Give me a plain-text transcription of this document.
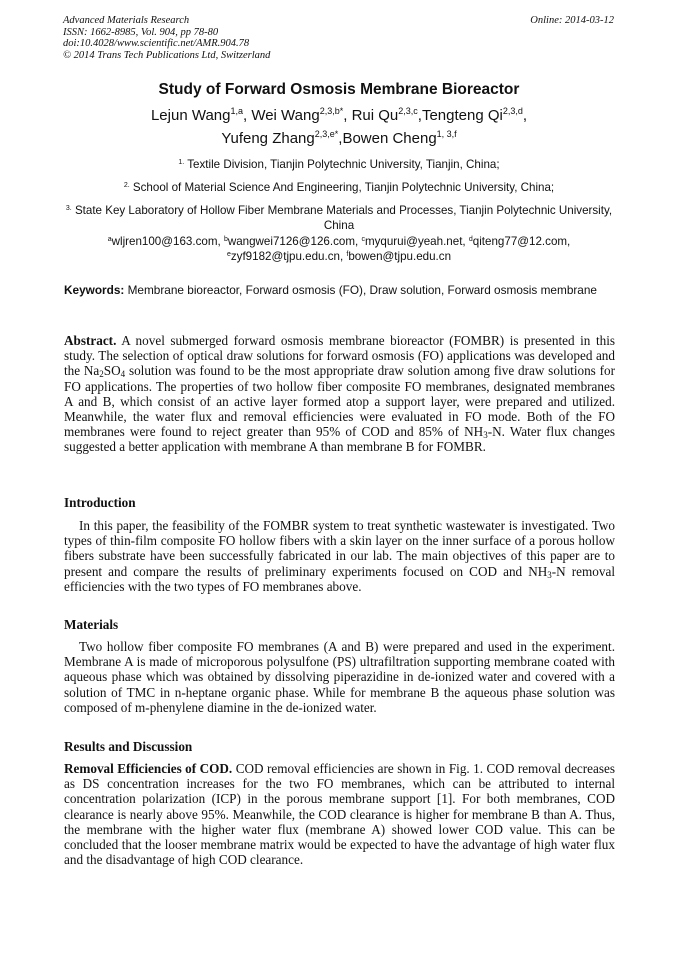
Advanced Materials Research
ISSN: 1662-8985, Vol. 904, pp 78-80
doi:10.4028/www.scientific.net/AMR.904.78
© 2014 Trans Tech Publications Ltd, Switzerland
Online: 2014-03-12
Study of Forward Osmosis Membrane Bioreactor
Lejun Wang$^{1,a}$, Wei Wang$^{2,3,b*}$, Rui Qu$^{2,3,c}$,Tengteng Qi$^{2,3,d}$,
Yufeng Zhang$^{2,3,e*}$,Bowen Cheng$^{1, 3,f}$

$^{1.}$ Textile Division, Tianjin Polytechnic University, Tianjin, China;

$^{2.}$ School of Material Science And Engineering, Tianjin Polytechnic University, China;

$^{3.}$ State Key Laboratory of Hollow Fiber Membrane Materials and Processes, Tianjin Polytechnic University, China

$^a$wljren100@163.com, $^b$wangwei7126@126.com, $^c$myqurui@yeah.net, $^d$qiteng77@12.com,
$^e$zyf9182@tjpu.edu.cn, $^f$bowen@tjpu.edu.cn
Keywords: Membrane bioreactor, Forward osmosis (FO), Draw solution, Forward osmosis membrane

Abstract. A novel submerged forward osmosis membrane bioreactor (FOMBR) is presented in this study. The selection of optical draw solutions for forward osmosis (FO) applications was developed and the $Na_2SO_4$ solution was found to be the most appropriate draw solution among five draw solutions for FO applications. The properties of two hollow fiber composite FO membranes, designated membranes A and B, which consist of an active layer formed atop a support layer, were prepared and utilized. Meanwhile, the water flux and removal efficiencies were evaluated in FO mode. Both of the FO membranes were found to reject greater than 95% of COD and 85% of $NH_3-N$. Water flux changes suggested a better application with membrane A than membrane B for FOMBR.

Introduction

In this paper, the feasibility of the FOMBR system to treat synthetic wastewater is investigated. Two types of thin-film composite FO hollow fibers with a skin layer on the inner surface of a porous hollow fibers substrate have been successfully fabricated in our lab. The main objectives of this paper are to present and compare the results of preliminary experiments focused on COD and $NH_3-N$ removal efficiencies with the two types of FO membranes above.

Materials

Two hollow fiber composite FO membranes (A and B) were prepared and used in the experiment. Membrane A is made of microporous polysulfone (PS) ultrafiltration supporting membrane coated with aqueous phase which was obtained by dissolving piperazidine in de-ionized water and covered with a solution of TMC in n-heptane organic phase. While for membrane B the aqueous phase solution was composed of m-phenylene diamine in the de-ionized water.

Results and Discussion

Removal Efficiencies of COD. COD removal efficiencies are shown in Fig. 1. COD removal decreases as DS concentration increases for the two FO membranes, which can be attributed to internal concentration polarization (ICP) in the porous membrane support [1]. For both membranes, COD clearance is nearly above 95%. Meanwhile, the COD clearance is higher for membrane B than A. Thus, the membrane with the higher water flux (membrane A) showed lower COD value. This can be concluded that the looser membrane matrix would be expected to have the advantage of high water flux and the disadvantage of high COD clearance.
